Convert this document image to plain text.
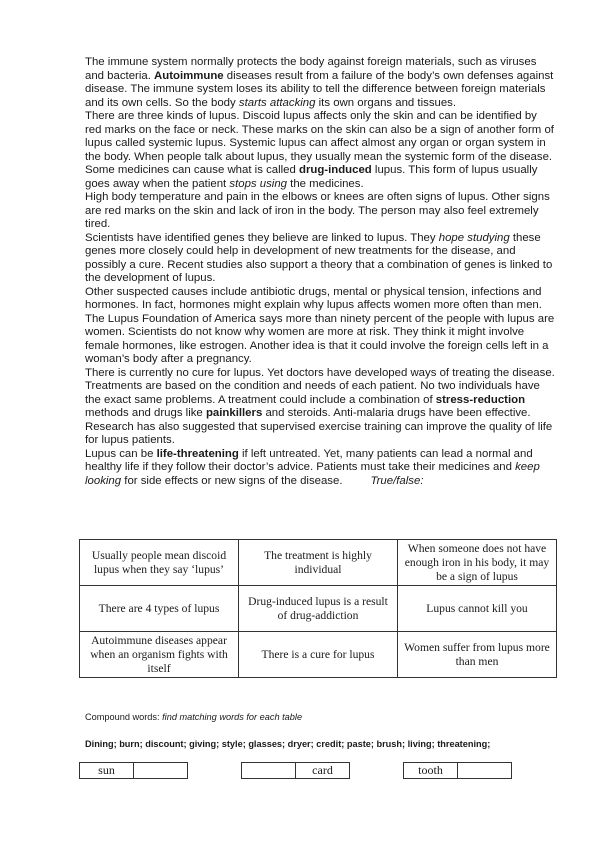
The immune system normally protects the body against foreign materials, such as viruses and bacteria. Autoimmune diseases result from a failure of the body’s own defenses against disease. The immune system loses its ability to tell the difference between foreign materials and its own cells. So the body starts attacking its own organs and tissues.

There are three kinds of lupus. Discoid lupus affects only the skin and can be identified by red marks on the face or neck. These marks on the skin can also be a sign of another form of lupus called systemic lupus. Systemic lupus can affect almost any organ or organ system in the body. When people talk about lupus, they usually mean the systemic form of the disease.

Some medicines can cause what is called drug-induced lupus. This form of lupus usually goes away when the patient stops using the medicines.

High body temperature and pain in the elbows or knees are often signs of lupus. Other signs are red marks on the skin and lack of iron in the body. The person may also feel extremely tired.

Scientists have identified genes they believe are linked to lupus. They hope studying these genes more closely could help in development of new treatments for the disease, and possibly a cure. Recent studies also support a theory that a combination of genes is linked to the development of lupus.

Other suspected causes include antibiotic drugs, mental or physical tension, infections and hormones. In fact, hormones might explain why lupus affects women more often than men. The Lupus Foundation of America says more than ninety percent of the people with lupus are women. Scientists do not know why women are more at risk. They think it might involve female hormones, like estrogen. Another idea is that it could involve the foreign cells left in a woman’s body after a pregnancy.

There is currently no cure for lupus. Yet doctors have developed ways of treating the disease. Treatments are based on the condition and needs of each patient. No two individuals have the exact same problems. A treatment could include a combination of stress-reduction methods and drugs like painkillers and steroids. Anti-malaria drugs have been effective. Research has also suggested that supervised exercise training can improve the quality of life for lupus patients.

Lupus can be life-threatening if left untreated. Yet, many patients can lead a normal and healthy life if they follow their doctor’s advice. Patients must take their medicines and keep looking for side effects or new signs of the disease. True/false:

Usually people mean discoid lupus when they say ‘lupus’	The treatment is highly individual	When someone does not have enough iron in his body, it may be a sign of lupus
There are 4 types of lupus	Drug-induced lupus is a result of drug-addiction	Lupus cannot kill you
Autoimmune diseases appear when an organism fights with itself	There is a cure for lupus	Women suffer from lupus more than men
Compound words: find matching words for each table
Dining; burn; discount; giving; style; glasses; dryer; credit; paste; brush; living; threatening;
sun	card	tooth
